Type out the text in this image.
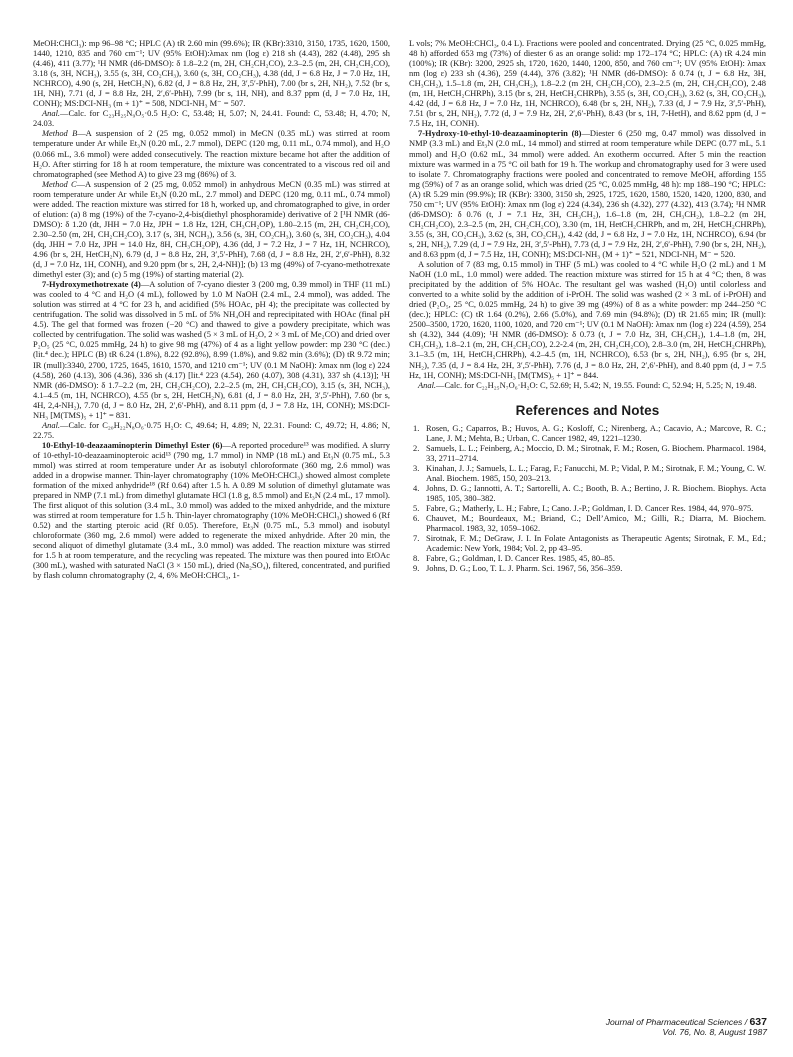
MeOH:CHCl₃): mp 96–98 °C; HPLC (A) tR 2.60 min (99.6%); IR (KBr):3310, 3150, 1735, 1620, 1500, 1440, 1210, 835 and 760 cm⁻¹; UV (95% EtOH):λmax nm (log ε) 218 sh (4.43), 282 (4.48), 295 sh (4.46), 411 (3.77); ¹H NMR (d6-DMSO): δ 1.8–2.2 (m, 2H, CH₂CH₂CO), 2.3–2.5 (m, 2H, CH₂CH₂CO), 3.18 (s, 3H, NCH₃), 3.55 (s, 3H, CO₂CH₃), 3.60 (s, 3H, CO₂CH₃), 4.38 (dd, J = 6.8 Hz, J = 7.0 Hz, 1H, NCHRCO), 4.90 (s, 2H, HetCH₂N), 6.82 (d, J = 8.8 Hz, 2H, 3′,5′-PhH), 7.00 (br s, 2H, NH₂), 7.52 (br s, 1H, NH), 7.71 (d, J = 8.8 Hz, 2H, 2′,6′-PhH), 7.99 (br s, 1H, NH), and 8.37 ppm (d, J = 7.0 Hz, 1H, CONH); MS:DCI-NH₃ (m + 1)⁺ = 508, NDCI-NH₃ M⁻ = 507.

Anal.—Calc. for C₂₃H₂₅N₉O₅·0.5 H₂O: C, 53.48; H, 5.07; N, 24.41. Found: C, 53.48; H, 4.70; N, 24.03.

Method B—A suspension of 2 (25 mg, 0.052 mmol) in MeCN (0.35 mL) was stirred at room temperature under Ar while Et₃N (0.20 mL, 2.7 mmol), DEPC (120 mg, 0.11 mL, 0.74 mmol), and H₂O (0.066 mL, 3.6 mmol) were added consecutively. The reaction mixture became hot after the addition of H₂O. After stirring for 18 h at room temperature, the mixture was concentrated to a viscous red oil and chromatographed (see Method A) to give 23 mg (86%) of 3.

Method C—A suspension of 2 (25 mg, 0.052 mmol) in anhydrous MeCN (0.35 mL) was stirred at room temperature under Ar while Et₃N (0.20 mL, 2.7 mmol) and DEPC (120 mg, 0.11 mL, 0.74 mmol) were added. The reaction mixture was stirred for 18 h, worked up, and chromatographed to give, in order of elution: (a) 8 mg (19%) of the 7-cyano-2,4-bis(diethyl phosphoramide) derivative of 2 [¹H NMR (d6-DMSO): δ 1.20 (dt, JHH = 7.0 Hz, JPH = 1.8 Hz, 12H, CH₃CH₂OP), 1.80–2.15 (m, 2H, CH₂CH₂CO), 2.30–2.50 (m, 2H, CH₂CH₂CO), 3.17 (s, 3H, NCH₃), 3.56 (s, 3H, CO₂CH₃), 3.60 (s, 3H, CO₂CH₃), 4.04 (dq, JHH = 7.0 Hz, JPH = 14.0 Hz, 8H, CH₃CH₂OP), 4.36 (dd, J = 7.2 Hz, J = 7 Hz, 1H, NCHRCO), 4.96 (br s, 2H, HetCH₂N), 6.79 (d, J = 8.8 Hz, 2H, 3′,5′-PhH), 7.68 (d, J = 8.8 Hz, 2H, 2′,6′-PhH), 8.32 (d, J = 7.0 Hz, 1H, CONH), and 9.20 ppm (br s, 2H, 2,4-NH)]; (b) 13 mg (49%) of 7-cyano-methotrexate dimethyl ester (3); and (c) 5 mg (19%) of starting material (2).

7-Hydroxymethotrexate (4)—A solution of 7-cyano diester 3 (200 mg, 0.39 mmol) in THF (11 mL) was cooled to 4 °C and H₂O (4 mL), followed by 1.0 M NaOH (2.4 mL, 2.4 mmol), was added. The solution was stirred at 4 °C for 23 h, and acidified (5% HOAc, pH 4); the precipitate was collected by centrifugation. The solid was dissolved in 5 mL of 5% NH₄OH and reprecipitated with HOAc (final pH 4.5). The gel that formed was frozen (−20 °C) and thawed to give a powdery precipitate, which was collected by centrifugation. The solid was washed (5 × 3 mL of H₂O, 2 × 3 mL of Me₂CO) and dried over P₂O₅ (25 °C, 0.025 mmHg, 24 h) to give 98 mg (47%) of 4 as a light yellow powder: mp 230 °C (dec.) (lit.⁴ dec.); HPLC (B) tR 6.24 (1.8%), 8.22 (92.8%), 8.99 (1.8%), and 9.82 min (3.6%); (D) tR 9.72 min; IR (mull):3340, 2700, 1725, 1645, 1610, 1570, and 1210 cm⁻¹; UV (0.1 M NaOH): λmax nm (log ε) 224 (4.58), 260 (4.13), 306 (4.36), 336 sh (4.17) [lit.⁴ 223 (4.54), 260 (4.07), 308 (4.31), 337 sh (4.13)]; ¹H NMR (d6-DMSO): δ 1.7–2.2 (m, 2H, CH₂CH₂CO), 2.2–2.5 (m, 2H, CH₂CH₂CO), 3.15 (s, 3H, NCH₃), 4.1–4.5 (m, 1H, NCHRCO), 4.55 (br s, 2H, HetCH₂N), 6.81 (d, J = 8.0 Hz, 2H, 3′,5′-PhH), 7.60 (br s, 4H, 2,4-NH₂), 7.70 (d, J = 8.0 Hz, 2H, 2′,6′-PhH), and 8.11 ppm (d, J = 7.8 Hz, 1H, CONH); MS:DCI-NH₃ [M(TMS)₅ + 1]⁺ = 831.

Anal.—Calc. for C₂₀H₂₂N₈O₆·0.75 H₂O: C, 49.64; H, 4.89; N, 22.31. Found: C, 49.72; H, 4.86; N, 22.75.

10-Ethyl-10-deazaaminopterin Dimethyl Ester (6)—A reported procedure¹³ was modified. A slurry of 10-ethyl-10-deazaaminopteroic acid¹³ (790 mg, 1.7 mmol) in NMP (18 mL) and Et₃N (0.75 mL, 5.3 mmol) was stirred at room temperature under Ar as isobutyl chloroformate (360 mg, 2.6 mmol) was added in a dropwise manner. Thin-layer chromatography (10% MeOH:CHCl₃) showed almost complete formation of the mixed anhydride¹⁸ (Rf 0.64) after 1.5 h. A 0.89 M solution of dimethyl glutamate was prepared in NMP (7.1 mL) from dimethyl glutamate HCl (1.8 g, 8.5 mmol) and Et₃N (2.4 mL, 17 mmol). The first aliquot of this solution (3.4 mL, 3.0 mmol) was added to the mixed anhydride, and the mixture was stirred at room temperature for 1.5 h. Thin-layer chromatography (10% MeOH:CHCl₃) showed 6 (Rf 0.52) and the starting pteroic acid (Rf 0.05). Therefore, Et₃N (0.75 mL, 5.3 mmol) and isobutyl chloroformate (360 mg, 2.6 mmol) were added to regenerate the mixed anhydride. After 20 min, the second aliquot of dimethyl glutamate (3.4 mL, 3.0 mmol) was added. The reaction mixture was stirred for 1.5 h at room temperature, and the recycling was repeated. The mixture was then poured into EtOAc (300 mL), washed with saturated NaCl (3 × 150 mL), dried (Na₂SO₄), filtered, concentrated, and purified by flash column chromatography (2, 4, 6% MeOH:CHCl₃, 1-

L vols; 7% MeOH:CHCl₃, 0.4 L). Fractions were pooled and concentrated. Drying (25 °C, 0.025 mmHg, 48 h) afforded 653 mg (73%) of diester 6 as an orange solid: mp 172–174 °C; HPLC: (A) tR 4.24 min (100%); IR (KBr): 3200, 2925 sh, 1720, 1620, 1440, 1200, 850, and 760 cm⁻¹; UV (95% EtOH): λmax nm (log ε) 233 sh (4.36), 259 (4.44), 376 (3.82); ¹H NMR (d6-DMSO): δ 0.74 (t, J = 6.8 Hz, 3H, CH₃CH₂), 1.5–1.8 (m, 2H, CH₃CH₂), 1.8–2.2 (m 2H, CH₂CH₂CO), 2.3–2.5 (m, 2H, CH₂CH₂CO), 2.48 (m, 1H, HetCH₂CHRPh), 3.15 (br s, 2H, HetCH₂CHRPh), 3.55 (s, 3H, CO₂CH₃), 3.62 (s, 3H, CO₂CH₃), 4.42 (dd, J = 6.8 Hz, J = 7.0 Hz, 1H, NCHRCO), 6.48 (br s, 2H, NH₂), 7.33 (d, J = 7.9 Hz, 3′,5′-PhH), 7.51 (br s, 2H, NH₂), 7.72 (d, J = 7.9 Hz, 2H, 2′,6′-PhH), 8.43 (br s, 1H, 7-HetH), and 8.62 ppm (d, J = 7.5 Hz, 1H, CONH).

7-Hydroxy-10-ethyl-10-deazaaminopterin (8)—Diester 6 (250 mg, 0.47 mmol) was dissolved in NMP (3.3 mL) and Et₃N (2.0 mL, 14 mmol) and stirred at room temperature while DEPC (0.77 mL, 5.1 mmol) and H₂O (0.62 mL, 34 mmol) were added. An exotherm occurred. After 5 min the reaction mixture was warmed in a 75 °C oil bath for 19 h. The workup and chromatography used for 3 were used to isolate 7. Chromatography fractions were pooled and concentrated to remove MeOH, affording 155 mg (59%) of 7 as an orange solid, which was dried (25 °C, 0.025 mmHg, 48 h): mp 188–190 °C; HPLC: (A) tR 5.29 min (99.9%); IR (KBr): 3300, 3150 sh, 2925, 1725, 1620, 1580, 1520, 1420, 1200, 830, and 750 cm⁻¹; UV (95% EtOH): λmax nm (log ε) 224 (4.34), 236 sh (4.32), 277 (4.32), 413 (3.74); ¹H NMR (d6-DMSO): δ 0.76 (t, J = 7.1 Hz, 3H, CH₃CH₂), 1.6–1.8 (m, 2H, CH₃CH₂), 1.8–2.2 (m 2H, CH₂CH₂CO), 2.3–2.5 (m, 2H, CH₂CH₂CO), 3.30 (m, 1H, HetCH₂CHRPh, and m, 2H, HetCH₂CHRPh), 3.55 (s, 3H, CO₂CH₃), 3.62 (s, 3H, CO₂CH₃), 4.42 (dd, J = 6.8 Hz, J = 7.0 Hz, 1H, NCHRCO), 6.94 (br s, 2H, NH₂), 7.29 (d, J = 7.9 Hz, 2H, 3′,5′-PhH), 7.73 (d, J = 7.9 Hz, 2H, 2′,6′-PhH), 7.90 (br s, 2H, NH₂), and 8.63 ppm (d, J = 7.5 Hz, 1H, CONH); MS:DCI-NH₃ (M + 1)⁺ = 521, NDCI-NH₃ M⁻ = 520.

A solution of 7 (83 mg, 0.15 mmol) in THF (5 mL) was cooled to 4 °C while H₂O (2 mL) and 1 M NaOH (1.0 mL, 1.0 mmol) were added. The reaction mixture was stirred for 15 h at 4 °C; then, 8 was precipitated by the addition of 5% HOAc. The resultant gel was washed (H₂O) until colorless and converted to a white solid by the addition of i-PrOH. The solid was washed (2 × 3 mL of i-PrOH) and dried (P₂O₅, 25 °C, 0.025 mmHg, 24 h) to give 39 mg (49%) of 8 as a white powder: mp 244–250 °C (dec.); HPLC: (C) tR 1.64 (0.2%), 2.66 (5.0%), and 7.69 min (94.8%); (D) tR 21.65 min; IR (mull): 2500–3500, 1720, 1620, 1100, 1020, and 720 cm⁻¹; UV (0.1 M NaOH): λmax nm (log ε) 224 (4.59), 254 sh (4.32), 344 (4.09); ¹H NMR (d6-DMSO): δ 0.73 (t, J = 7.0 Hz, 3H, CH₃CH₂), 1.4–1.8 (m, 2H, CH₃CH₂), 1.8–2.1 (m, 2H, CH₂CH₂CO), 2.2-2.4 (m, 2H, CH₂CH₂CO), 2.8–3.0 (m, 2H, HetCH₂CHRPh), 3.1–3.5 (m, 1H, HetCH₂CHRPh), 4.2–4.5 (m, 1H, NCHRCO), 6.53 (br s, 2H, NH₂), 6.95 (br s, 2H, NH₂), 7.35 (d, J = 8.4 Hz, 2H, 3′,5′-PhH), 7.76 (d, J = 8.0 Hz, 2H, 2′,6′-PhH), and 8.40 ppm (d, J = 7.5 Hz, 1H, CONH); MS:DCI-NH₃ [M(TMS)₅ + 1]⁺ = 844.

Anal.—Calc. for C₂₂H₂₅N₇O₆·H₂O: C, 52.69; H, 5.42; N, 19.55. Found: C, 52.94; H, 5.25; N, 19.48.

References and Notes
1. Rosen, G.; Caparros, B.; Huvos, A. G.; Kosloff, C.; Nirenberg, A.; Cacavio, A.; Marcove, R. C.; Lane, J. M.; Mehta, B.; Urban, C. Cancer 1982, 49, 1221–1230.
2. Samuels, L. L.; Feinberg, A.; Moccio, D. M.; Sirotnak, F. M.; Rosen, G. Biochem. Pharmacol. 1984, 33, 2711–2714.
3. Kinahan, J. J.; Samuels, L. L.; Farag, F.; Fanucchi, M. P.; Vidal, P. M.; Sirotnak, F. M.; Young, C. W. Anal. Biochem. 1985, 150, 203–213.
4. Johns, D. G.; Iannotti, A. T.; Sartorelli, A. C.; Booth, B. A.; Bertino, J. R. Biochem. Biophys. Acta 1985, 105, 380–382.
5. Fabre, G.; Matherly, L. H.; Fabre, I.; Cano. J.-P.; Goldman, I. D. Cancer Res. 1984, 44, 970–975.
6. Chauvet, M.; Bourdeaux, M.; Briand, C.; Dell’Amico, M.; Gilli, R.; Diarra, M. Biochem. Pharmacol. 1983, 32, 1059–1062.
7. Sirotnak, F. M.; DeGraw, J. I. In Folate Antagonists as Therapeutic Agents; Sirotnak, F. M., Ed.; Academic: New York, 1984; Vol. 2, pp 43–95.
8. Fabre, G.; Goldman, I. D. Cancer Res. 1985, 45, 80–85.
9. Johns, D. G.; Loo, T. L. J. Pharm. Sci. 1967, 56, 356–359.
Journal of Pharmaceutical Sciences / 637
Vol. 76, No. 8, August 1987
